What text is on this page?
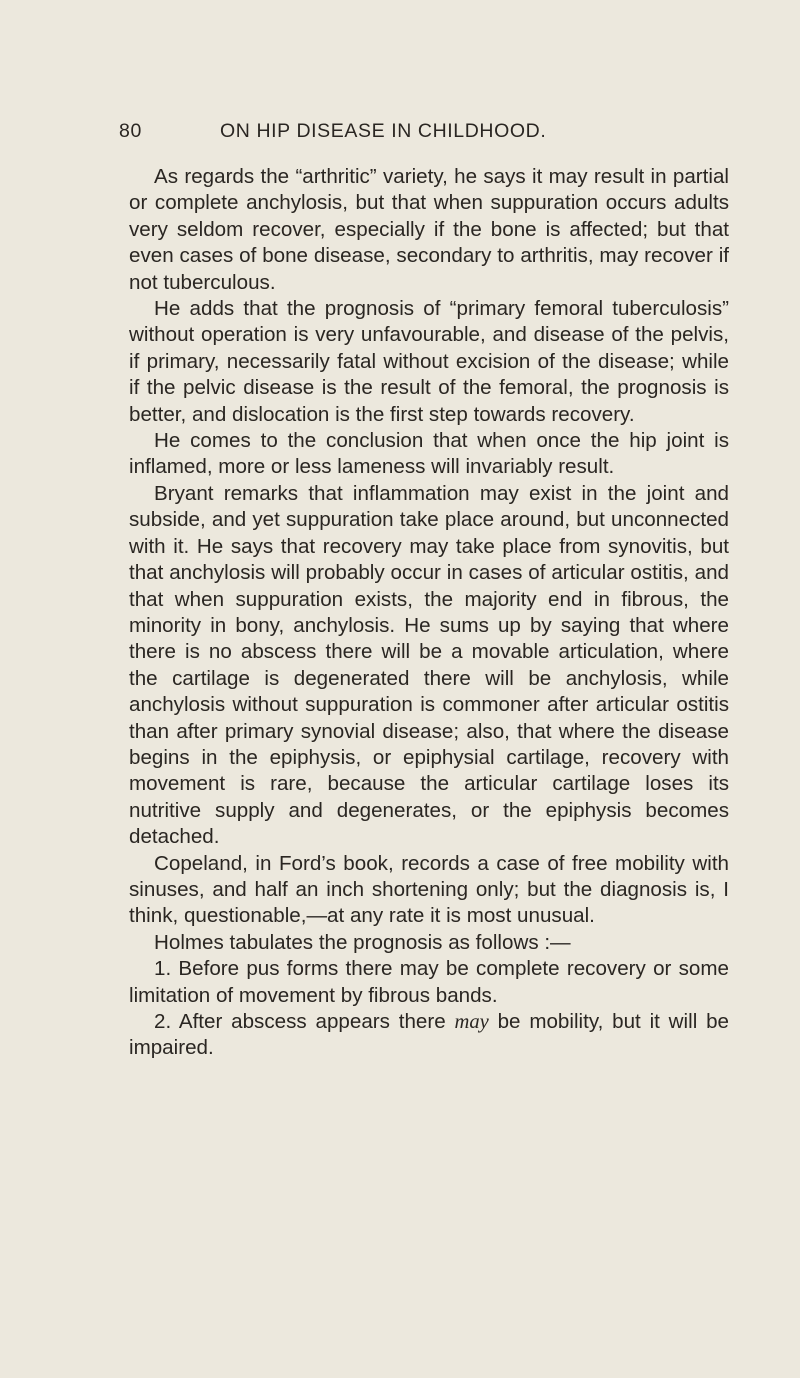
80	ON HIP DISEASE IN CHILDHOOD.

As regards the “arthritic” variety, he says it may result in partial or complete anchylosis, but that when suppuration occurs adults very seldom recover, especially if the bone is affected; but that even cases of bone disease, secondary to arthritis, may recover if not tuberculous.

He adds that the prognosis of “primary femoral tuberculosis” without operation is very unfavourable, and disease of the pelvis, if primary, necessarily fatal without excision of the disease; while if the pelvic disease is the result of the femoral, the prognosis is better, and dislocation is the first step towards recovery.

He comes to the conclusion that when once the hip joint is inflamed, more or less lameness will invariably result.

Bryant remarks that inflammation may exist in the joint and subside, and yet suppuration take place around, but unconnected with it. He says that recovery may take place from synovitis, but that anchylosis will probably occur in cases of articular ostitis, and that when suppuration exists, the majority end in fibrous, the minority in bony, anchylosis. He sums up by saying that where there is no abscess there will be a movable articulation, where the cartilage is degenerated there will be anchylosis, while anchylosis without suppuration is commoner after articular ostitis than after primary synovial disease; also, that where the disease begins in the epiphysis, or epiphysial cartilage, recovery with movement is rare, because the articular cartilage loses its nutritive supply and degenerates, or the epiphysis becomes detached.

Copeland, in Ford’s book, records a case of free mobility with sinuses, and half an inch shortening only; but the diagnosis is, I think, questionable,—at any rate it is most unusual.

Holmes tabulates the prognosis as follows :—

1. Before pus forms there may be complete recovery or some limitation of movement by fibrous bands.

2. After abscess appears there may be mobility, but it will be impaired.
